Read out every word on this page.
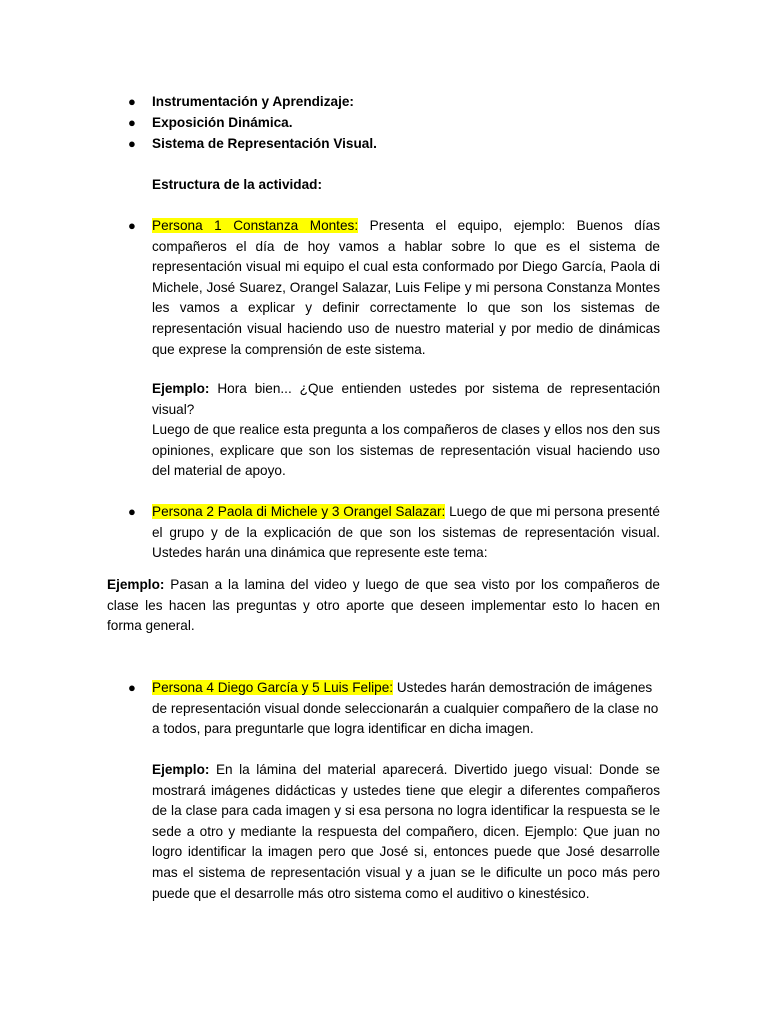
● Instrumentación y Aprendizaje:

● Exposición Dinámica.

● Sistema de Representación Visual.

Estructura de la actividad:

● Persona 1 Constanza Montes: Presenta el equipo, ejemplo: Buenos días compañeros el día de hoy vamos a hablar sobre lo que es el sistema de representación visual mi equipo el cual esta conformado por Diego García, Paola di Michele, José Suarez, Orangel Salazar, Luis Felipe y mi persona Constanza Montes les vamos a explicar y definir correctamente lo que son los sistemas de representación visual haciendo uso de nuestro material y por medio de dinámicas que exprese la comprensión de este sistema.

Ejemplo: Hora bien... ¿Que entienden ustedes por sistema de representación visual?
Luego de que realice esta pregunta a los compañeros de clases y ellos nos den sus opiniones, explicare que son los sistemas de representación visual haciendo uso del material de apoyo.

● Persona 2 Paola di Michele y 3 Orangel Salazar: Luego de que mi persona presenté el grupo y de la explicación de que son los sistemas de representación visual. Ustedes harán una dinámica que represente este tema:

Ejemplo: Pasan a la lamina del video y luego de que sea visto por los compañeros de clase les hacen las preguntas y otro aporte que deseen implementar esto lo hacen en forma general.

● Persona 4 Diego García y 5 Luis Felipe: Ustedes harán demostración de imágenes de representación visual donde seleccionarán a cualquier compañero de la clase no a todos, para preguntarle que logra identificar en dicha imagen.

Ejemplo: En la lámina del material aparecerá. Divertido juego visual: Donde se mostrará imágenes didácticas y ustedes tiene que elegir a diferentes compañeros de la clase para cada imagen y si esa persona no logra identificar la respuesta se le sede a otro y mediante la respuesta del compañero, dicen. Ejemplo: Que juan no logro identificar la imagen pero que José si, entonces puede que José desarrolle mas el sistema de representación visual y a juan se le dificulte un poco más pero puede que el desarrolle más otro sistema como el auditivo o kinestésico.
